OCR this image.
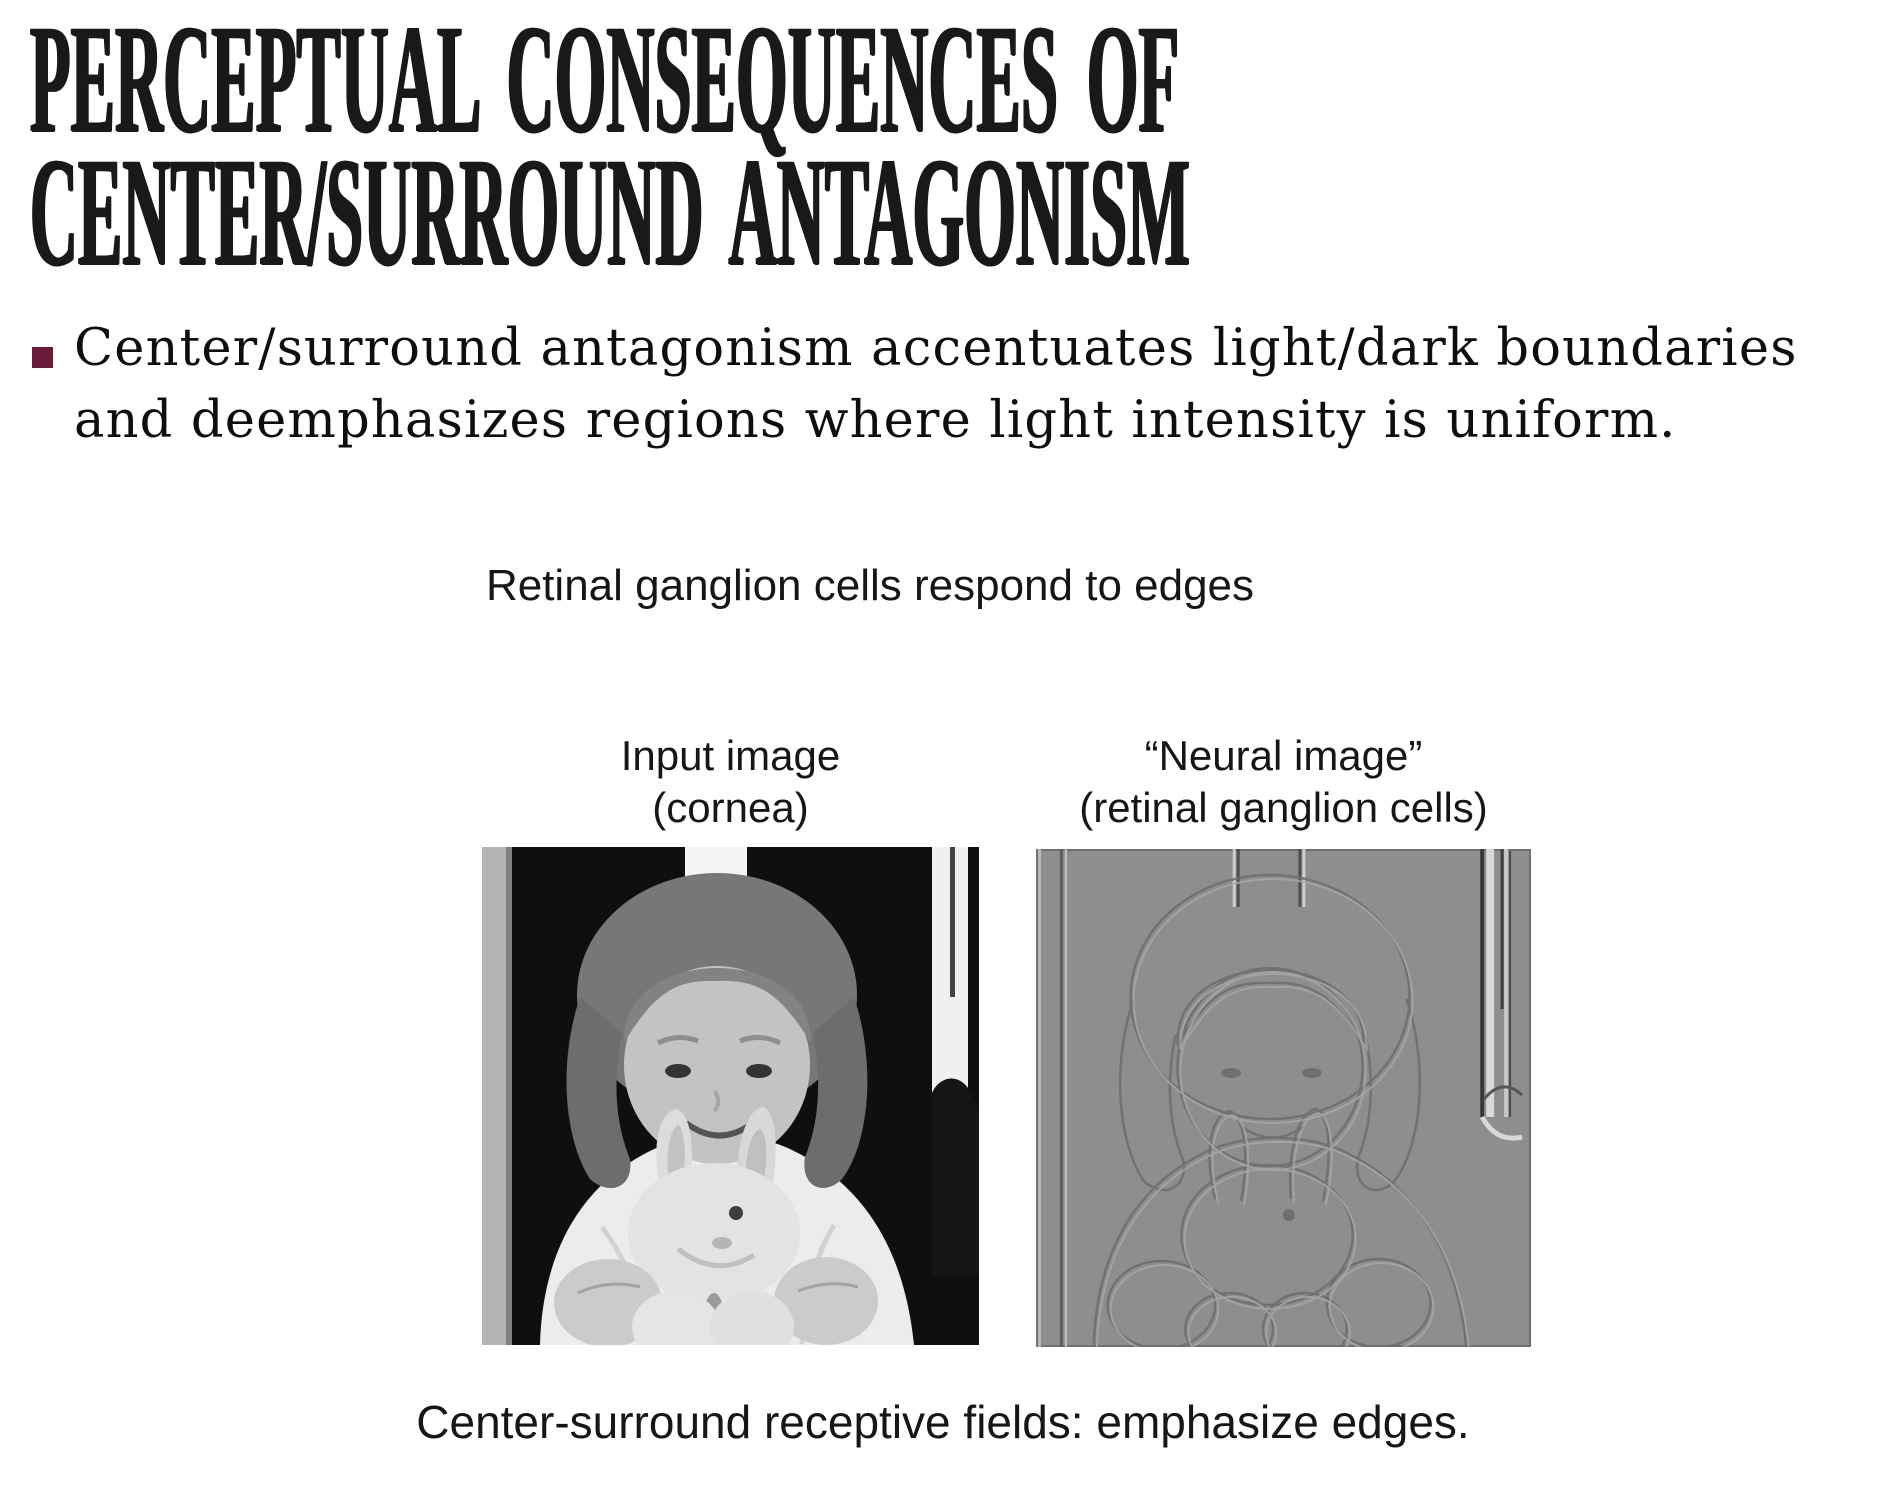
PERCEPTUAL CONSEQUENCES OF
CENTER/SURROUND ANTAGONISM

Center/surround antagonism accentuates light/dark boundaries
and deemphasizes regions where light intensity is uniform.

Retinal ganglion cells respond to edges
Input image
(cornea)
“Neural image”
(retinal ganglion cells)
Center-surround receptive fields: emphasize edges.
